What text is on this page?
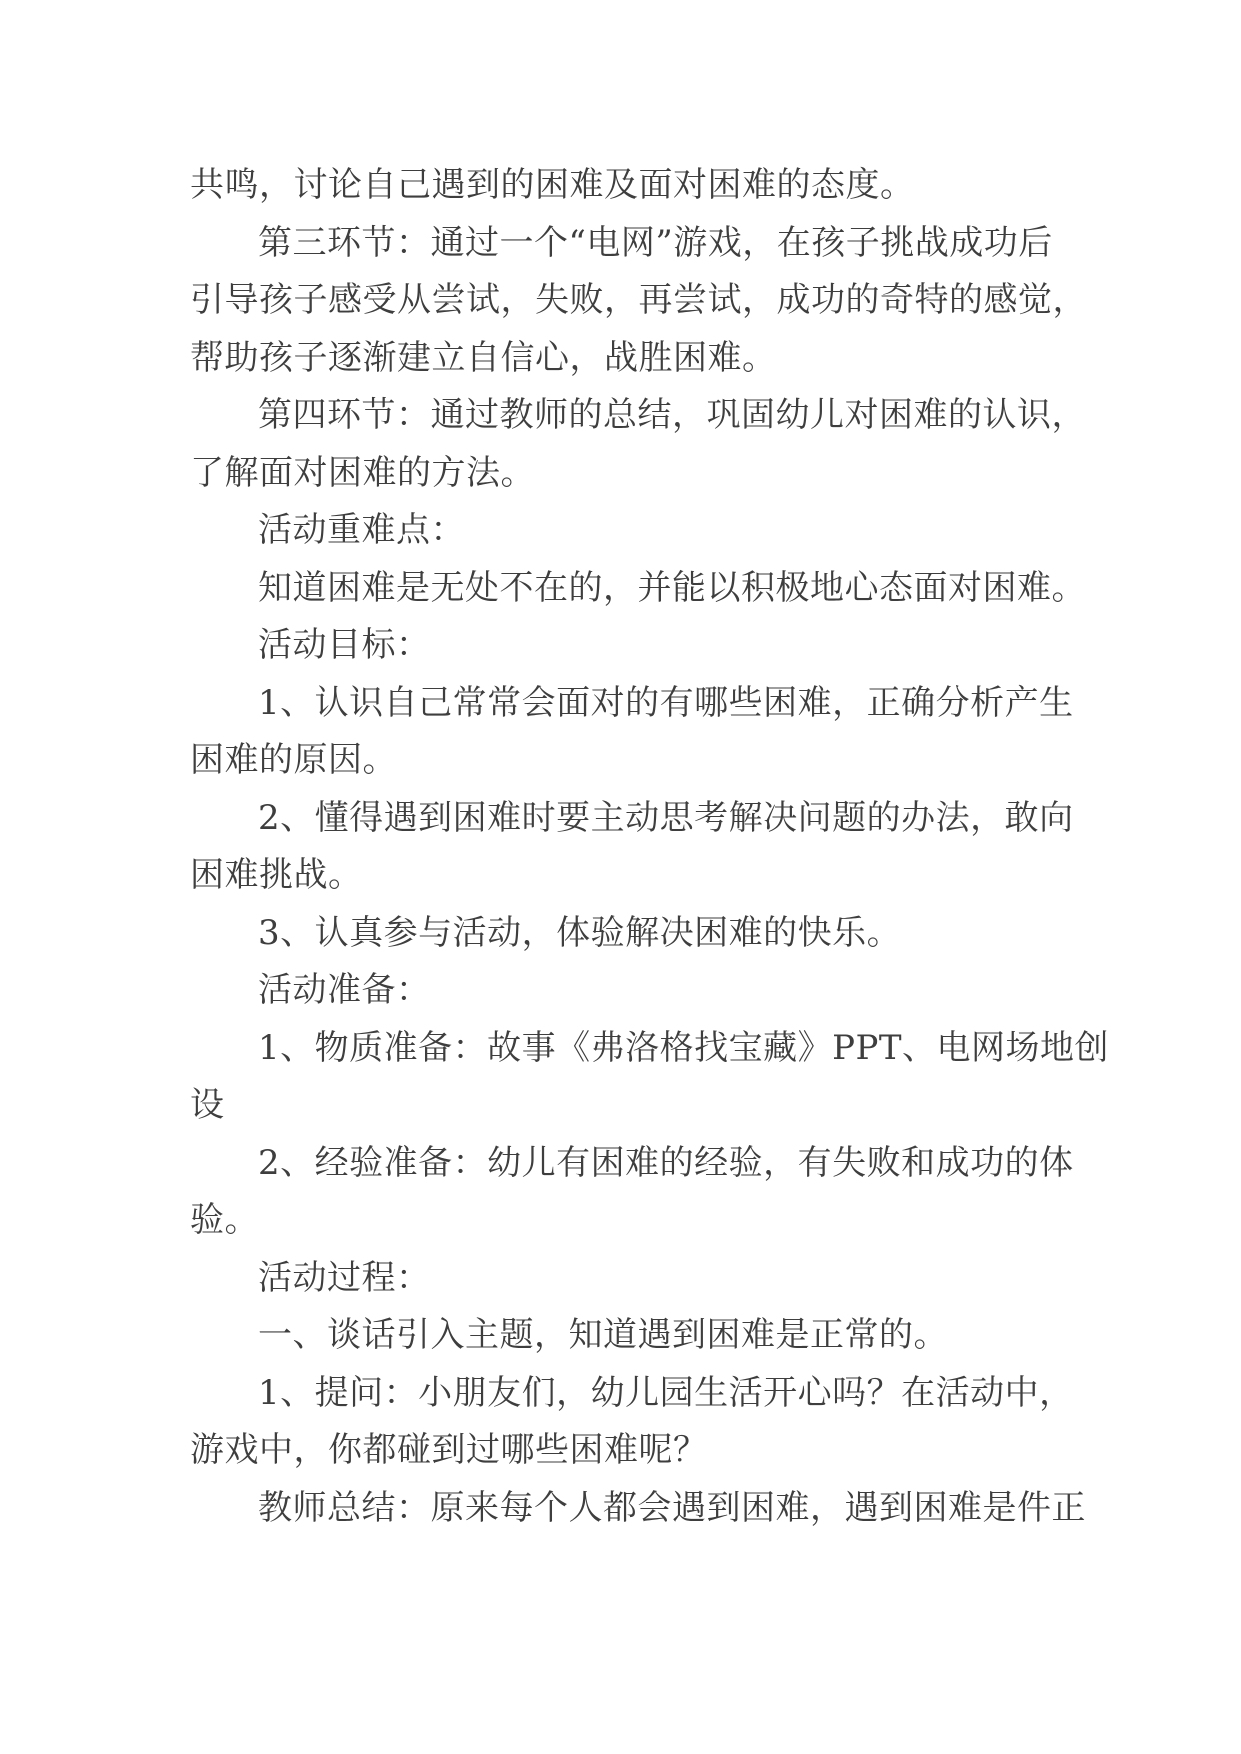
共鸣，讨论自己遇到的困难及面对困难的态度。
第三环节：通过一个“电网”游戏，在孩子挑战成功后
引导孩子感受从尝试，失败，再尝试，成功的奇特的感觉，
帮助孩子逐渐建立自信心，战胜困难。
第四环节：通过教师的总结，巩固幼儿对困难的认识，
了解面对困难的方法。
活动重难点：
知道困难是无处不在的，并能以积极地心态面对困难。
活动目标：
1、认识自己常常会面对的有哪些困难，正确分析产生
困难的原因。
2、懂得遇到困难时要主动思考解决问题的办法，敢向
困难挑战。
3、认真参与活动，体验解决困难的快乐。
活动准备：
1、物质准备：故事《弗洛格找宝藏》PPT、电网场地创
设
2、经验准备：幼儿有困难的经验，有失败和成功的体
验。
活动过程：
一、谈话引入主题，知道遇到困难是正常的。
1、提问：小朋友们，幼儿园生活开心吗？在活动中，
游戏中，你都碰到过哪些困难呢？
教师总结：原来每个人都会遇到困难，遇到困难是件正
